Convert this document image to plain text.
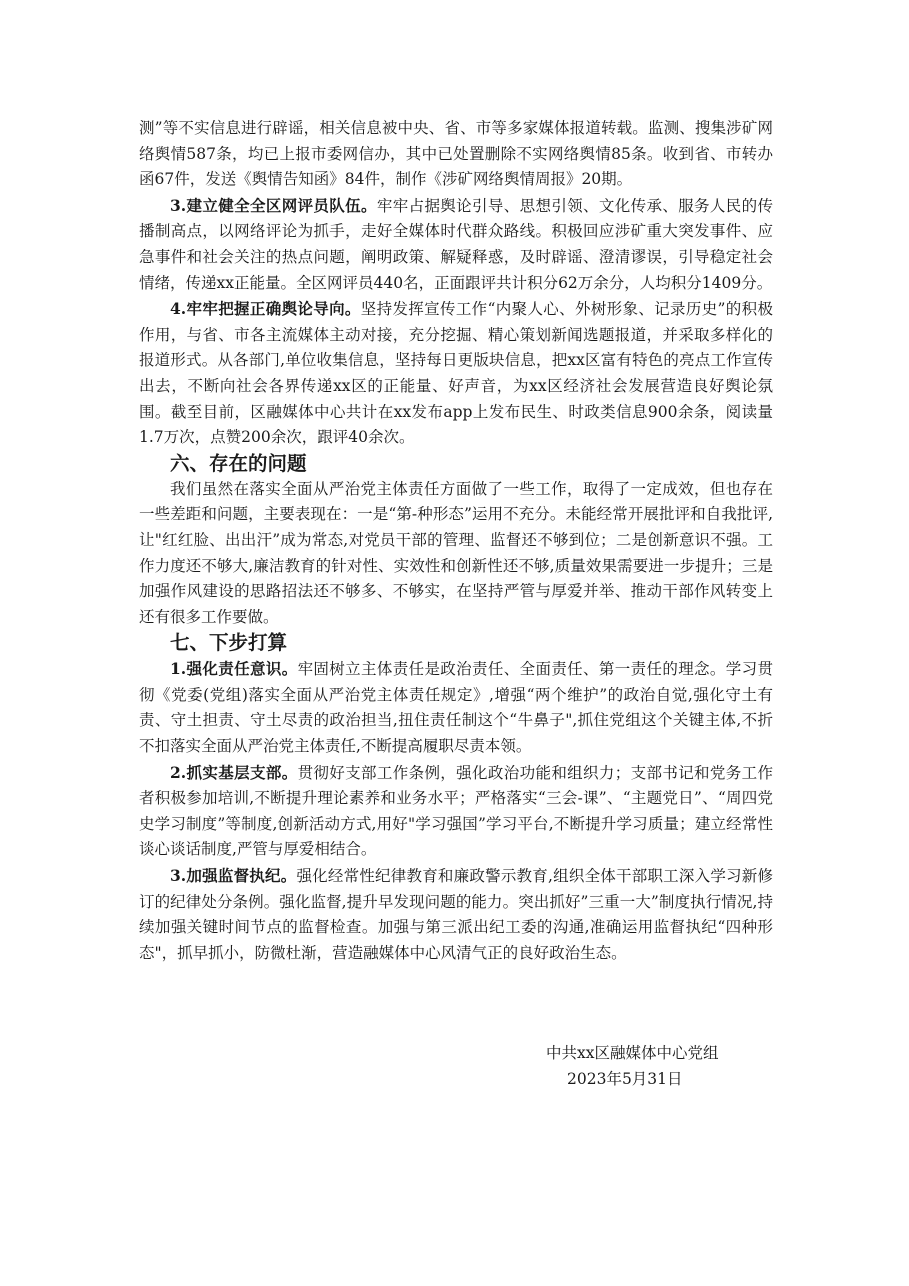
测”等不实信息进行辟谣，相关信息被中央、省、市等多家媒体报道转载。监测、搜集涉矿网络舆情587条，均已上报市委网信办，其中已处置删除不实网络舆情85条。收到省、市转办函67件，发送《舆情告知函》84件，制作《涉矿网络舆情周报》20期。

3.建立健全全区网评员队伍。牢牢占据舆论引导、思想引领、文化传承、服务人民的传播制高点，以网络评论为抓手，走好全媒体时代群众路线。积极回应涉矿重大突发事件、应急事件和社会关注的热点问题，阐明政策、解疑释惑，及时辟谣、澄清谬误，引导稳定社会情绪，传递xx正能量。全区网评员440名，正面跟评共计积分62万余分，人均积分1409分。

4.牢牢把握正确舆论导向。坚持发挥宣传工作“内聚人心、外树形象、记录历史”的积极作用，与省、市各主流媒体主动对接，充分挖掘、精心策划新闻选题报道，并采取多样化的报道形式。从各部门,单位收集信息，坚持每日更版块信息，把xx区富有特色的亮点工作宣传出去，不断向社会各界传递xx区的正能量、好声音，为xx区经济社会发展营造良好舆论氛围。截至目前，区融媒体中心共计在xx发布app上发布民生、时政类信息900余条，阅读量1.7万次，点赞200余次，跟评40余次。

六、存在的问题

我们虽然在落实全面从严治党主体责任方面做了一些工作，取得了一定成效，但也存在一些差距和问题，主要表现在：一是“第-种形态”运用不充分。未能经常开展批评和自我批评,让"红红脸、出出汗”成为常态,对党员干部的管理、监督还不够到位；二是创新意识不强。工作力度还不够大,廉洁教育的针对性、实效性和创新性还不够,质量效果需要进一步提升；三是加强作风建设的思路招法还不够多、不够实，在坚持严管与厚爱并举、推动干部作风转变上还有很多工作要做。

七、下步打算

1.强化责任意识。牢固树立主体责任是政治责任、全面责任、第一责任的理念。学习贯彻《党委(党组)落实全面从严治党主体责任规定》,增强“两个维护”的政治自觉,强化守土有责、守土担责、守土尽责的政治担当,扭住责任制这个“牛鼻子",抓住党组这个关键主体,不折不扣落实全面从严治党主体责任,不断提高履职尽责本领。

2.抓实基层支部。贯彻好支部工作条例，强化政治功能和组织力；支部书记和党务工作者积极参加培训,不断提升理论素养和业务水平；严格落实“三会-课”、“主题党日”、“周四党史学习制度”等制度,创新活动方式,用好"学习强国”学习平台,不断提升学习质量；建立经常性谈心谈话制度,严管与厚爱相结合。

3.加强监督执纪。强化经常性纪律教育和廉政警示教育,组织全体干部职工深入学习新修订的纪律处分条例。强化监督,提升早发现问题的能力。突出抓好”三重一大”制度执行情况,持续加强关键时间节点的监督检查。加强与第三派出纪工委的沟通,准确运用监督执纪“四种形态"，抓早抓小，防微杜渐，营造融媒体中心风清气正的良好政治生态。

中共xx区融媒体中心党组
2023年5月31日
